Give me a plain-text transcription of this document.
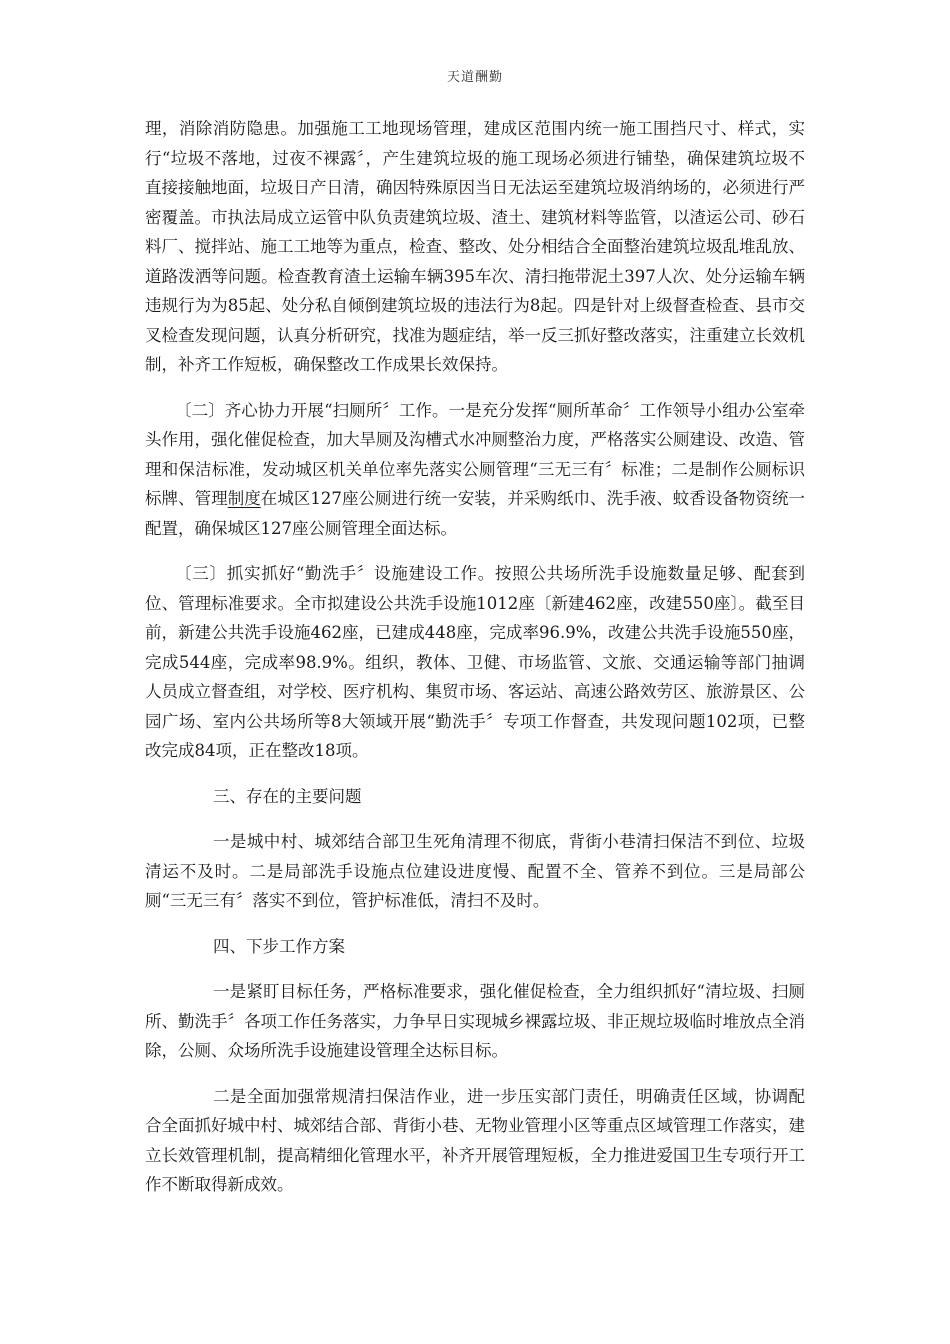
天道酬勤

理，消除消防隐患。加强施工工地现场管理，建成区范围内统一施工围挡尺寸、样式，实行“垃圾不落地，过夜不裸露〞，产生建筑垃圾的施工现场必须进行铺垫，确保建筑垃圾不直接接触地面，垃圾日产日清，确因特殊原因当日无法运至建筑垃圾消纳场的，必须进行严密覆盖。市执法局成立运管中队负责建筑垃圾、渣土、建筑材料等监管，以渣运公司、砂石料厂、搅拌站、施工工地等为重点，检查、整改、处分相结合全面整治建筑垃圾乱堆乱放、道路泼洒等问题。检查教育渣土运输车辆395车次、清扫拖带泥土397人次、处分运输车辆违规行为为85起、处分私自倾倒建筑垃圾的违法行为8起。四是针对上级督查检查、县市交叉检查发现问题，认真分析研究，找准为题症结，举一反三抓好整改落实，注重建立长效机制，补齐工作短板，确保整改工作成果长效保持。

〔二〕齐心协力开展“扫厕所〞工作。一是充分发挥“厕所革命〞工作领导小组办公室牵头作用，强化催促检查，加大旱厕及沟槽式水冲厕整治力度，严格落实公厕建设、改造、管理和保洁标准，发动城区机关单位率先落实公厕管理“三无三有〞标准；二是制作公厕标识标牌、管理制度在城区127座公厕进行统一安装，并采购纸巾、洗手液、蚊香设备物资统一配置，确保城区127座公厕管理全面达标。

〔三〕抓实抓好“勤洗手〞设施建设工作。按照公共场所洗手设施数量足够、配套到位、管理标准要求。全市拟建设公共洗手设施1012座〔新建462座，改建550座〕。截至目前，新建公共洗手设施462座，已建成448座，完成率96.9%，改建公共洗手设施550座，完成544座，完成率98.9%。组织，教体、卫健、市场监管、文旅、交通运输等部门抽调人员成立督查组，对学校、医疗机构、集贸市场、客运站、高速公路效劳区、旅游景区、公园广场、室内公共场所等8大领域开展“勤洗手〞专项工作督查，共发现问题102项，已整改完成84项，正在整改18项。

三、存在的主要问题

一是城中村、城郊结合部卫生死角清理不彻底，背街小巷清扫保洁不到位、垃圾清运不及时。二是局部洗手设施点位建设进度慢、配置不全、管养不到位。三是局部公厕“三无三有〞落实不到位，管护标准低，清扫不及时。

四、下步工作方案

一是紧盯目标任务，严格标准要求，强化催促检查，全力组织抓好“清垃圾、扫厕所、勤洗手〞各项工作任务落实，力争早日实现城乡裸露垃圾、非正规垃圾临时堆放点全消除，公厕、众场所洗手设施建设管理全达标目标。

二是全面加强常规清扫保洁作业，进一步压实部门责任，明确责任区域，协调配合全面抓好城中村、城郊结合部、背街小巷、无物业管理小区等重点区域管理工作落实，建立长效管理机制，提高精细化管理水平，补齐开展管理短板，全力推进爱国卫生专项行开工作不断取得新成效。
